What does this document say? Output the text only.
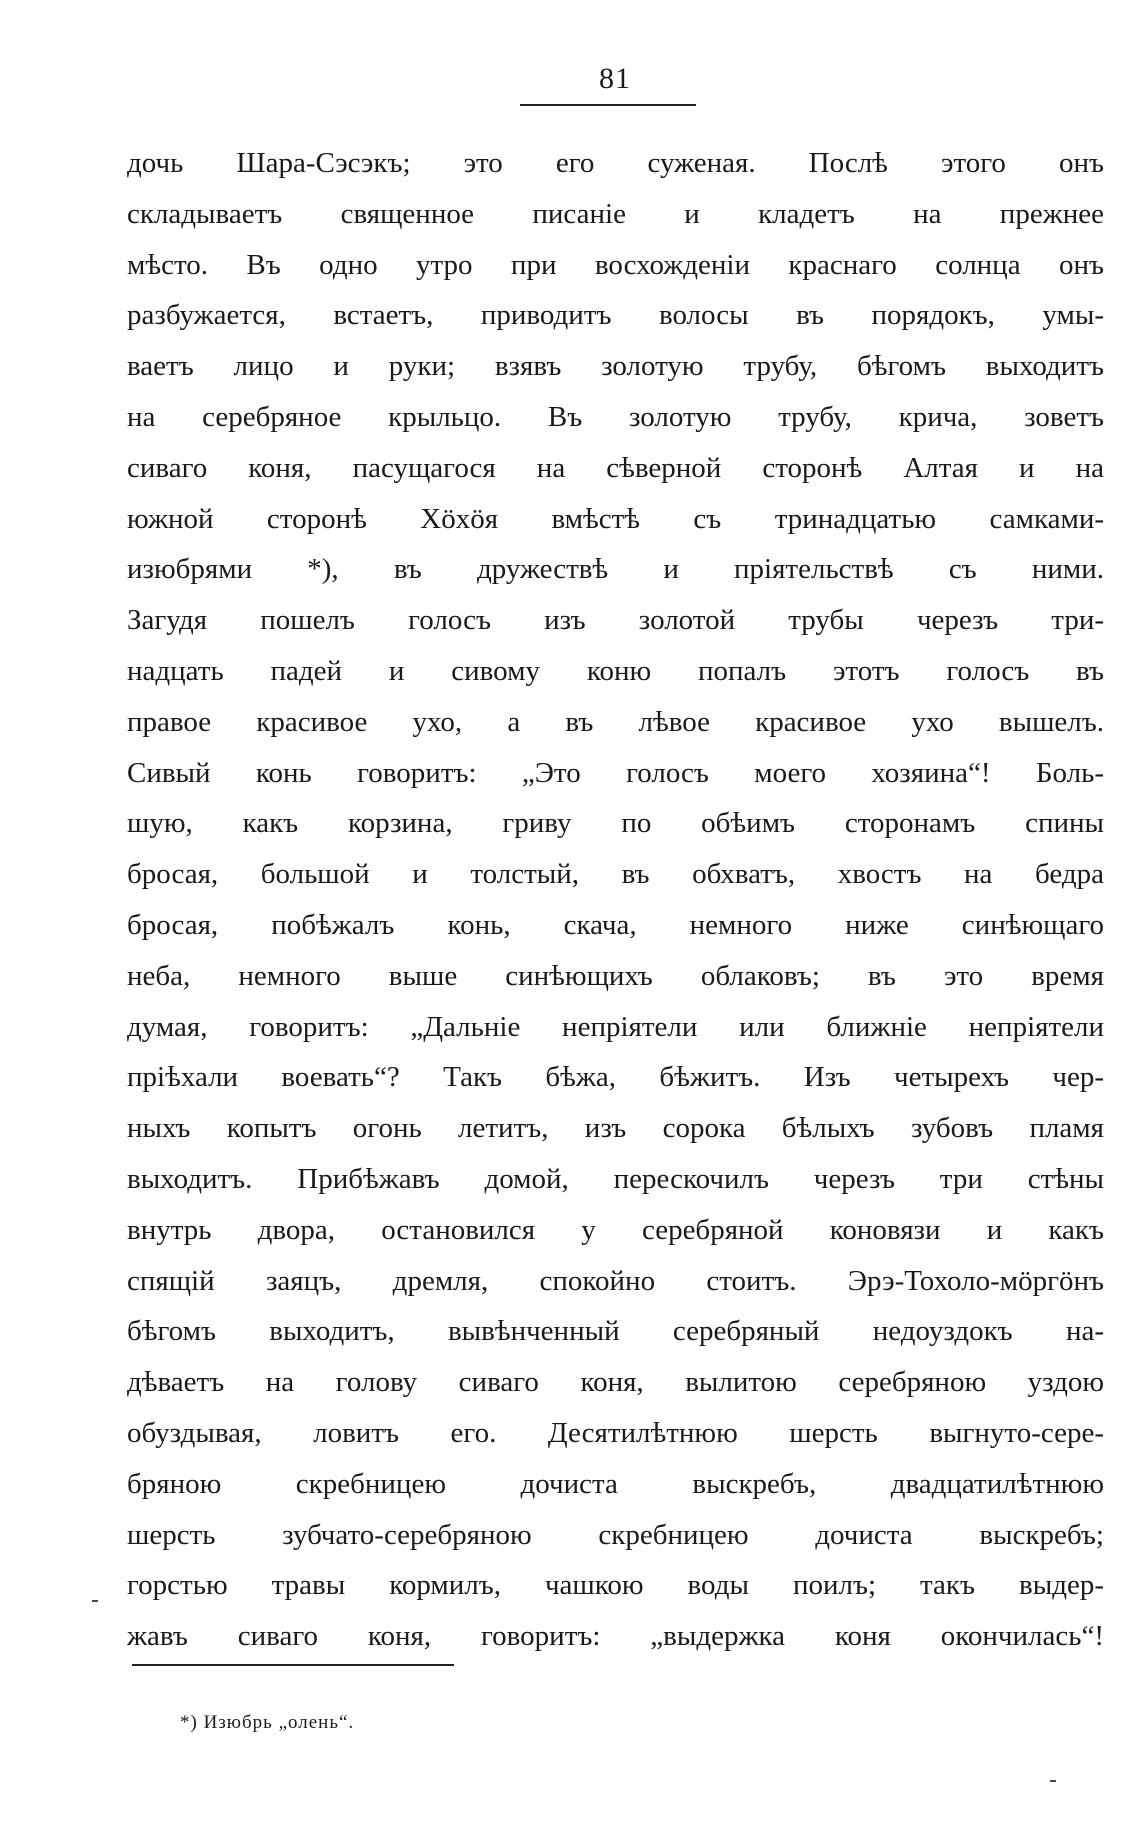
81
дочь Шара-Сэсэкъ; это его суженая. Послѣ этого онъ
складываетъ священное писаніе и кладетъ на прежнее
мѣсто. Въ одно утро при восхожденіи краснаго солнца онъ
разбужается, встаетъ, приводитъ волосы въ порядокъ, умы-
ваетъ лицо и руки; взявъ золотую трубу, бѣгомъ выходитъ
на серебряное крыльцо. Въ золотую трубу, крича, зоветъ
сиваго коня, пасущагося на сѣверной сторонѣ Алтая и на
южной сторонѣ Хöхöя вмѣстѣ съ тринадцатью самками-
изюбрями *), въ дружествѣ и пріятельствѣ съ ними.
Загудя пошелъ голосъ изъ золотой трубы черезъ три-
надцать падей и сивому коню попалъ этотъ голосъ въ
правое красивое ухо, а въ лѣвое красивое ухо вышелъ.
Сивый конь говоритъ: „Это голосъ моего хозяина“! Боль-
шую, какъ корзина, гриву по обѣимъ сторонамъ спины
бросая, большой и толстый, въ обхватъ, хвостъ на бедра
бросая, побѣжалъ конь, скача, немного ниже синѣющаго
неба, немного выше синѣющихъ облаковъ; въ это время
думая, говоритъ: „Дальніе непріятели или ближніе непріятели
пріѣхали воевать“? Такъ бѣжа, бѣжитъ. Изъ четырехъ чер-
ныхъ копытъ огонь летитъ, изъ сорока бѣлыхъ зубовъ пламя
выходитъ. Прибѣжавъ домой, перескочилъ черезъ три стѣны
внутрь двора, остановился у серебряной коновязи и какъ
спящій заяцъ, дремля, спокойно стоитъ. Эрэ-Тохоло-мöргöнъ
бѣгомъ выходитъ, вывѣнченный серебряный недоуздокъ на-
дѣваетъ на голову сиваго коня, вылитою серебряною уздою
обуздывая, ловитъ его. Десятилѣтнюю шерсть выгнуто-сере-
бряною скребницею дочиста выскребъ, двадцатилѣтнюю
шерсть зубчато-серебряною скребницею дочиста выскребъ;
горстью травы кормилъ, чашкою воды поилъ; такъ выдер-
жавъ сиваго коня, говоритъ: „выдержка коня окончилась“!
*) Изюбрь „олень“.
